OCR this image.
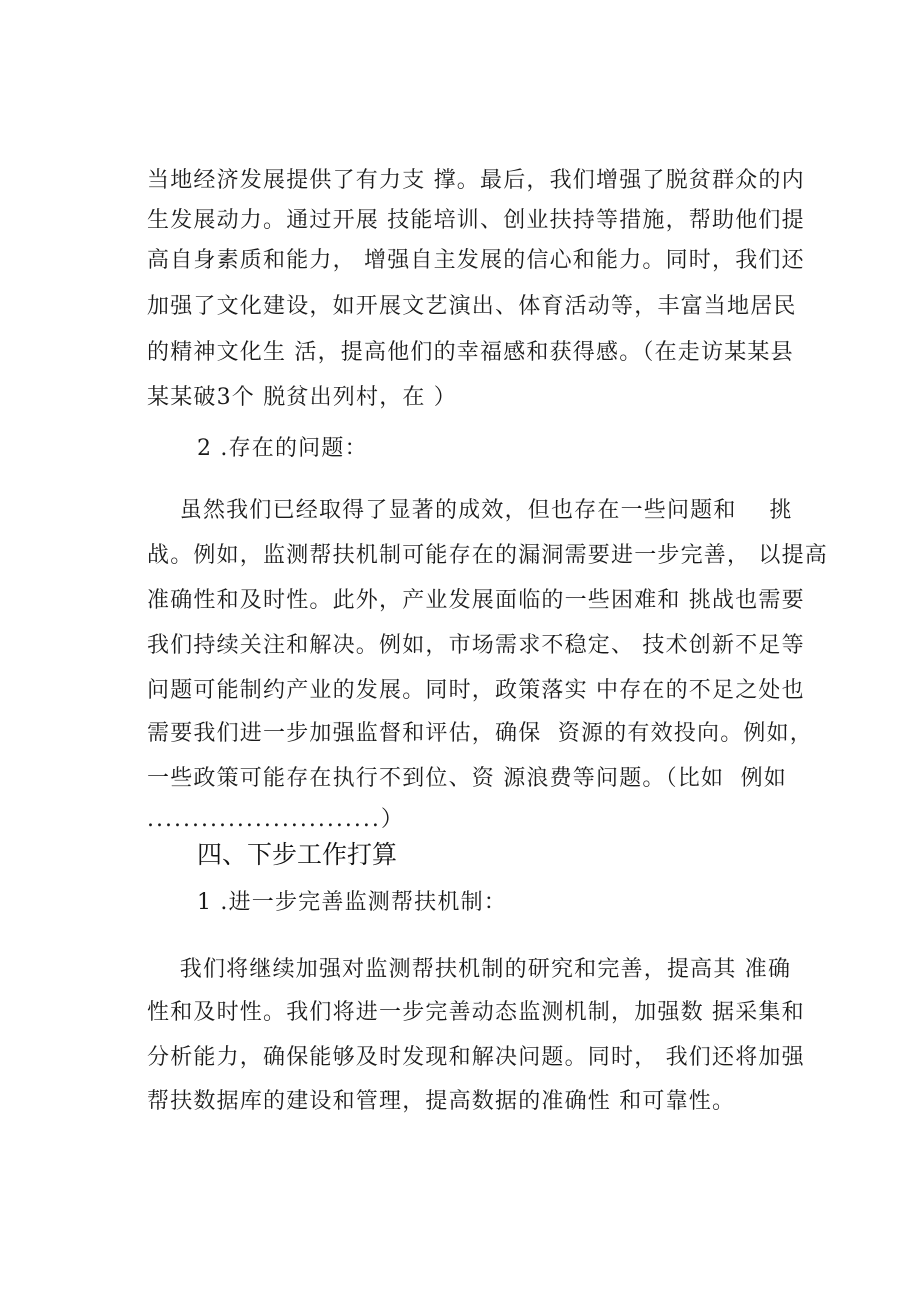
当地经济发展提供了有力支 撑。最后，我们增强了脱贫群众的内
生发展动力。通过开展 技能培训、创业扶持等措施，帮助他们提
高自身素质和能力， 增强自主发展的信心和能力。同时，我们还
加强了文化建设，如开展文艺演出、体育活动等，丰富当地居民
的精神文化生 活，提高他们的幸福感和获得感。（在走访某某县
某某破3个 脱贫出列村，在 ）
2 .存在的问题：
虽然我们已经取得了显著的成效，但也存在一些问题和    挑
战。例如，监测帮扶机制可能存在的漏洞需要进一步完善， 以提高
准确性和及时性。此外，产业发展面临的一些困难和 挑战也需要
我们持续关注和解决。例如，市场需求不稳定、 技术创新不足等
问题可能制约产业的发展。同时，政策落实 中存在的不足之处也
需要我们进一步加强监督和评估，确保  资源的有效投向。例如，
一些政策可能存在执行不到位、资 源浪费等问题。（比如  例如
..........................）
四、下步工作打算
1 .进一步完善监测帮扶机制：
我们将继续加强对监测帮扶机制的研究和完善，提高其 准确
性和及时性。我们将进一步完善动态监测机制，加强数 据采集和
分析能力，确保能够及时发现和解决问题。同时， 我们还将加强
帮扶数据库的建设和管理，提高数据的准确性 和可靠性。
